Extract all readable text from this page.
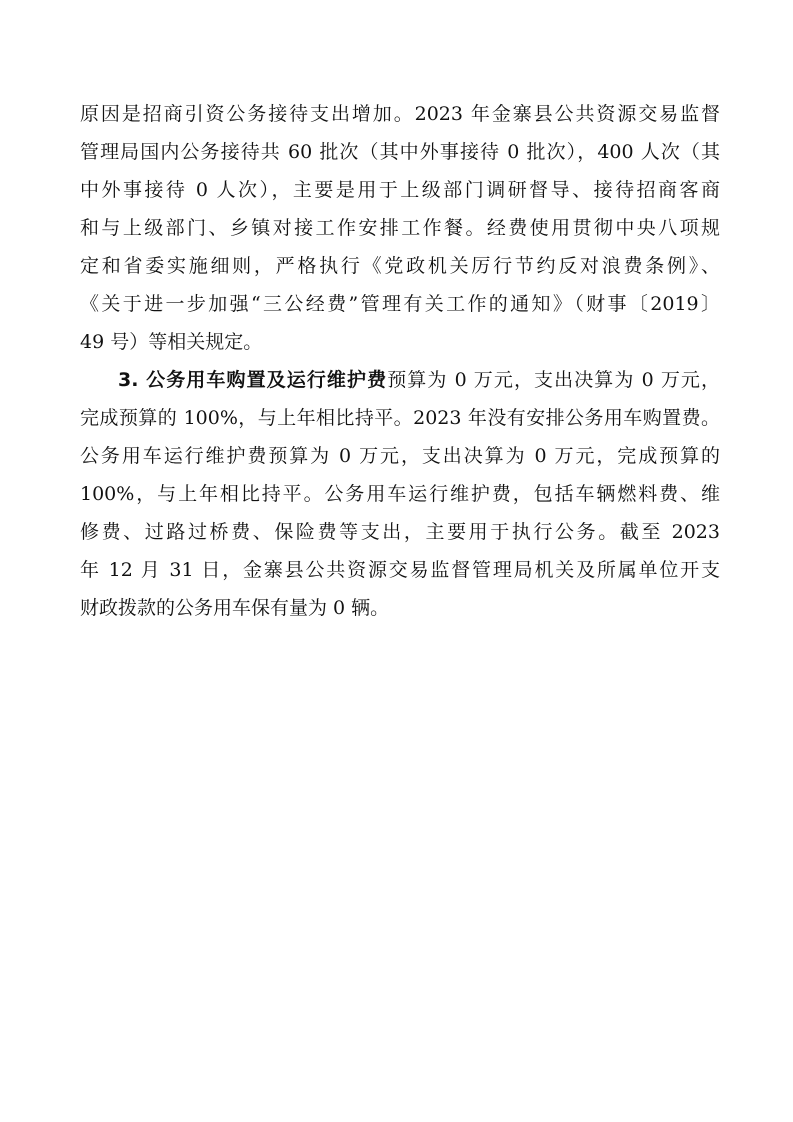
原因是招商引资公务接待支出增加。2023 年金寨县公共资源交易监督
管理局国内公务接待共 60 批次（其中外事接待 0 批次），400 人次（其
中外事接待 0 人次），主要是用于上级部门调研督导、接待招商客商
和与上级部门、乡镇对接工作安排工作餐。经费使用贯彻中央八项规
定和省委实施细则，严格执行《党政机关厉行节约反对浪费条例》、
《关于进一步加强“三公经费”管理有关工作的通知》（财事〔2019〕
49 号）等相关规定。
3. 公务用车购置及运行维护费预算为 0 万元，支出决算为 0 万元，
完成预算的 100%，与上年相比持平。2023 年没有安排公务用车购置费。
公务用车运行维护费预算为 0 万元，支出决算为 0 万元，完成预算的
100%，与上年相比持平。公务用车运行维护费，包括车辆燃料费、维
修费、过路过桥费、保险费等支出，主要用于执行公务。截至 2023
年 12 月 31 日，金寨县公共资源交易监督管理局机关及所属单位开支
财政拨款的公务用车保有量为 0 辆。
